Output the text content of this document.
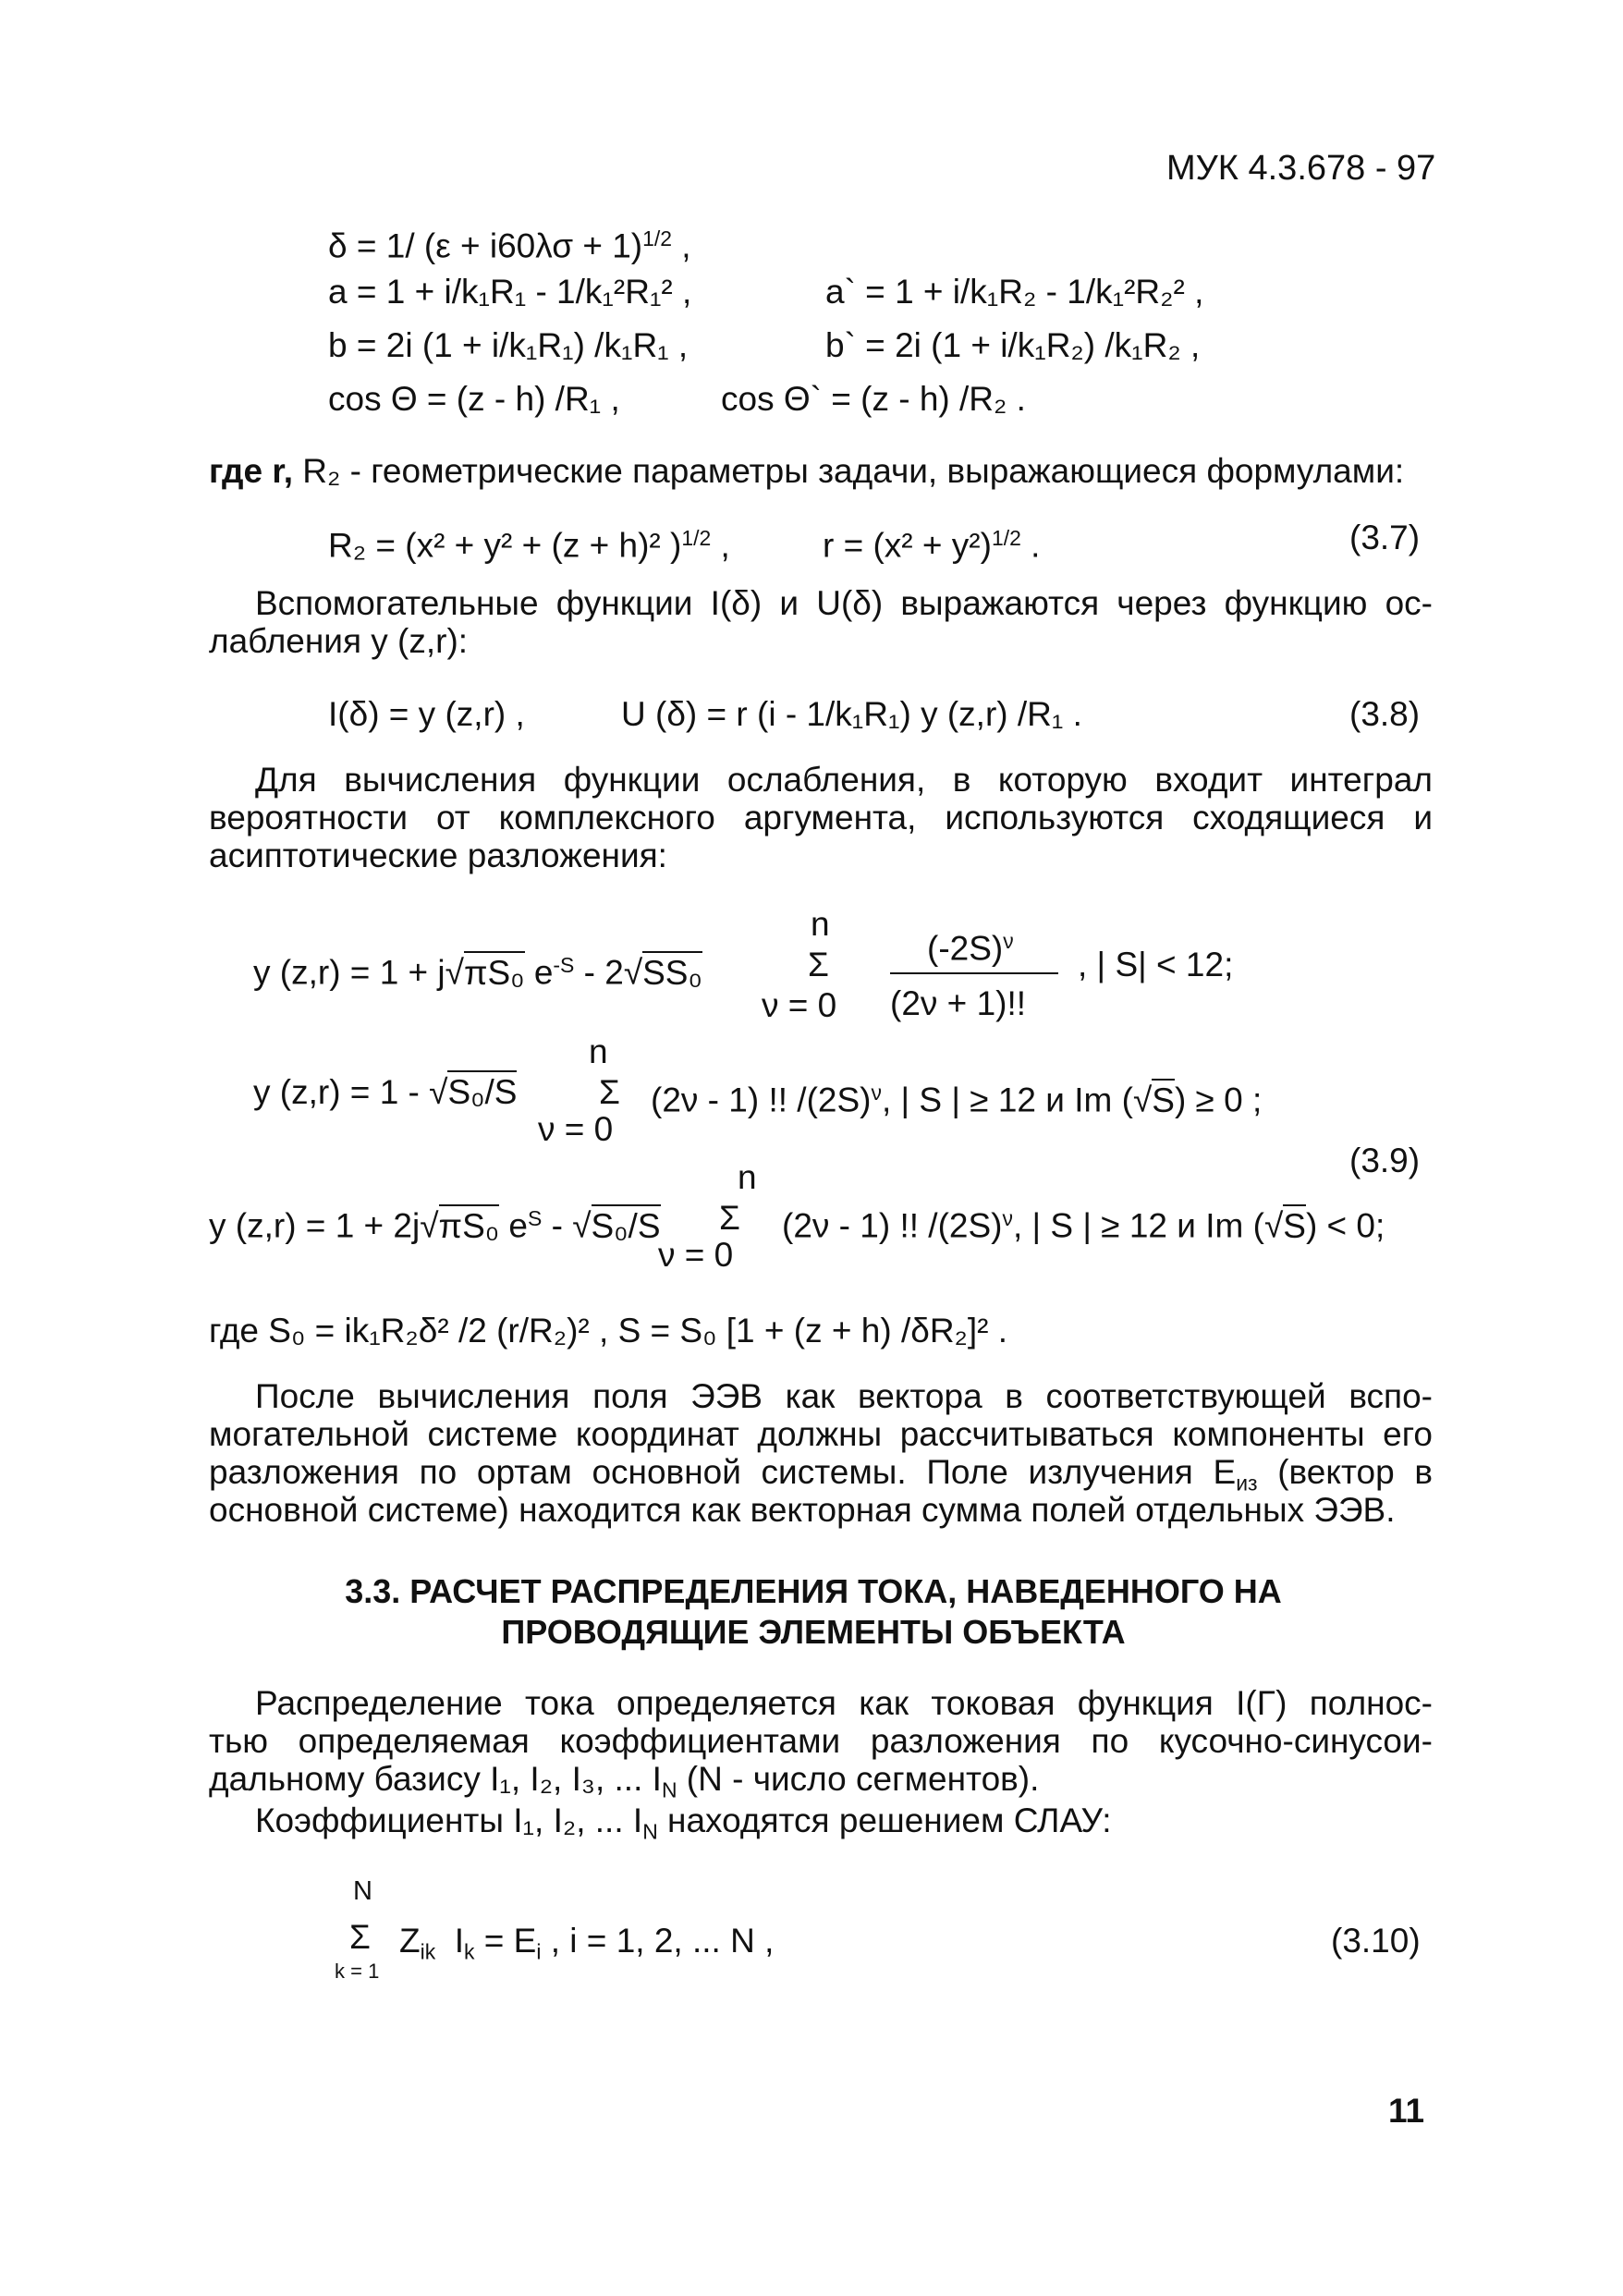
МУК 4.3.678 - 97
δ = 1/ $(\varepsilon + i60\lambda\sigma + 1)^{1/2}$ ,
a = 1 + i/k₁R₁ - 1/k₁²R₁² ,	a` = 1 + i/k₁R₂ - 1/k₁²R₂² ,
b = 2i (1 + i/k₁R₁) /k₁R₁ ,	b` = 2i (1 + i/k₁R₂) /k₁R₂ ,
cos Θ = (z - h) /R₁ ,	cos Θ` = (z - h) /R₂ .
где r, R₂ - геометрические параметры задачи, выражающиеся формулами:
R₂ = (x² + y² + (z + h)² )$^{1/2}$ ,	$r = (x^2 + y^2)^{1/2}$ .	(3.7)
Вспомогательные функции I(δ) и U(δ) выражаются через функцию ос-
лабления y (z,r):
I(δ) = y (z,r) ,	U (δ) = r (i - 1/k₁R₁) y (z,r) /R₁ .	(3.8)
Для вычисления функции ослабления, в которую входит интеграл
вероятности от комплексного аргумента, используются сходящиеся и
асиптотические разложения:
y (z,r) = 1 + j√πS₀ $e^{-S} - 2√SS_0$
n
Σ
ν = 0
$(-2S)^\nu$
(2ν + 1)!!
, | S| < 12;
y (z,r) = 1 - √S₀/S
n
Σ
ν = 0
(2ν - 1) !! $/(2S)^\nu$, | S | ≥ 12 и Im (√S) ≥ 0 ;
(3.9)
y (z,r) = 1 + 2j√πS₀ $e^S - √S_0/S$
n
Σ
ν = 0
(2ν - 1) !! $/(2S)^\nu$, | S | ≥ 12 и Im (√S) < 0;
где S₀ = ik₁R₂δ² /2 (r/R₂)² , S = S₀ [1 + (z + h) /δR₂]² .
После вычисления поля ЭЭВ как вектора в соответствующей вспо-
могательной системе координат должны рассчитываться компоненты его
разложения по ортам основной системы. Поле излучения $E_{из}$ (вектор в
основной системе) находится как векторная сумма полей отдельных ЭЭВ.
3.3. РАСЧЕТ РАСПРЕДЕЛЕНИЯ ТОКА, НАВЕДЕННОГО НА
ПРОВОДЯЩИЕ ЭЛЕМЕНТЫ ОБЪЕКТА
Распределение тока определяется как токовая функция I(Γ) полнос-
тью определяемая коэффициентами разложения по кусочно-синусои-
дальному базису I₁, I₂, I₃, ... $I_N$ (N - число сегментов).
Коэффициенты I₁, I₂, ... $I_N$ находятся решением СЛАУ:
N
Σ
k = 1
$Z_{ik}$ $I_k = E_i$ , i = 1, 2, ... N ,	(3.10)
11
